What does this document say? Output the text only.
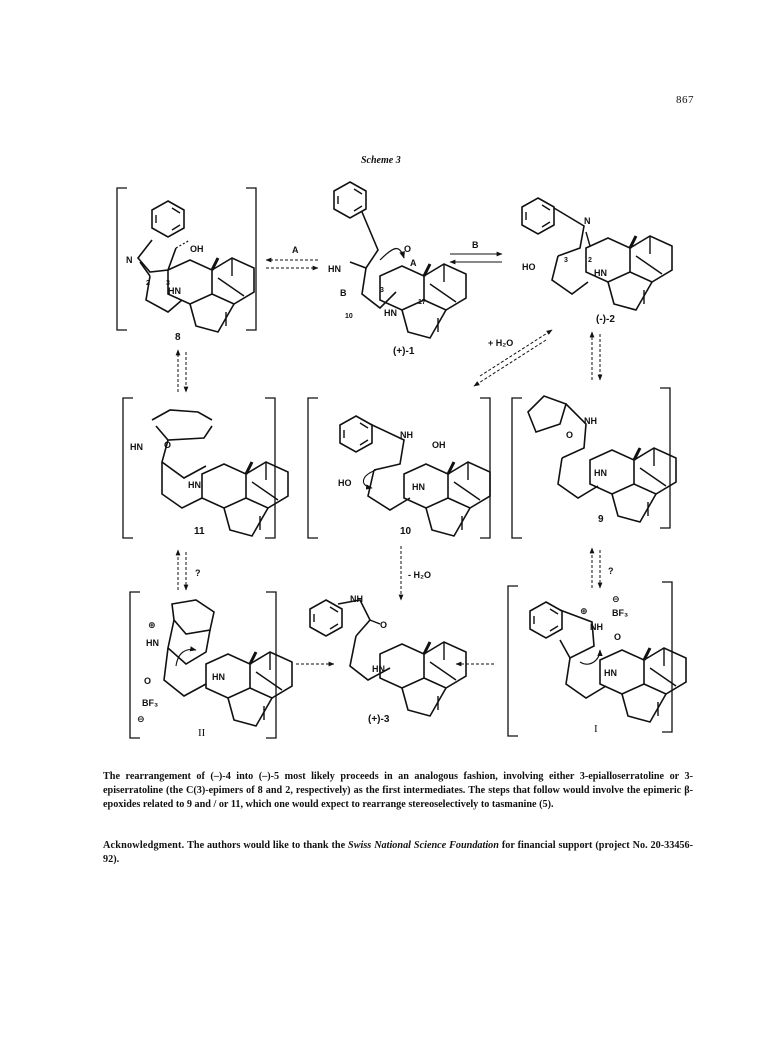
867
Scheme 3
OH
N
2 3
HN
8
A
HN
O
B
A
3
17
10	HN
(+)-1
B
N
3	2
HO
HN
(-)-2
+ H₂O
HN O
HN
11
NH
OH
HO	HN
10
NH
O
HN
9
?	- H₂O	?
⊕
HN
O
BF₃
⊖
HN
II
NH
O
HN
(+)-3
⊕
NH
⊖
BF₃
O
HN
I
The rearrangement of (–)-4 into (–)-5 most likely proceeds in an analogous fashion, involving either 3-epialloserratoline or 3-episerratoline (the C(3)-epimers of 8 and 2, respectively) as the first intermediates. The steps that follow would involve the epimeric β-epoxides related to 9 and / or 11, which one would expect to rearrange stereoselectively to tasmanine (5).
Acknowledgment. The authors would like to thank the Swiss National Science Foundation for financial support (project No. 20-33456-92).
